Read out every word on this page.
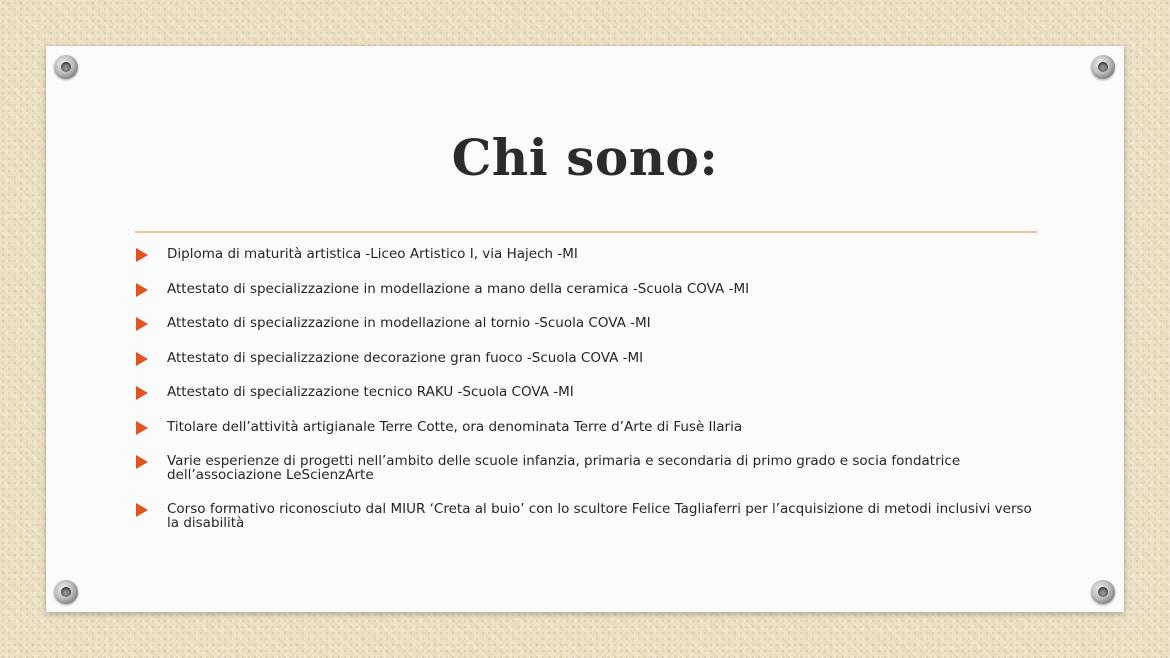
Chi sono:
Diploma di maturità artistica -Liceo Artistico I, via Hajech -MI
Attestato di specializzazione in modellazione a mano della ceramica -Scuola COVA -MI
Attestato di specializzazione in modellazione al tornio -Scuola COVA -MI
Attestato di specializzazione decorazione gran fuoco -Scuola COVA -MI
Attestato di specializzazione tecnico RAKU -Scuola COVA -MI
Titolare dell’attività artigianale Terre Cotte, ora denominata Terre d’Arte di Fusè Ilaria
Varie esperienze di progetti nell’ambito delle scuole infanzia, primaria e secondaria di primo grado e socia fondatrice dell’associazione LeScienzArte
Corso formativo riconosciuto dal MIUR ‘Creta al buio’ con lo scultore Felice Tagliaferri per l’acquisizione di metodi inclusivi verso la disabilità
